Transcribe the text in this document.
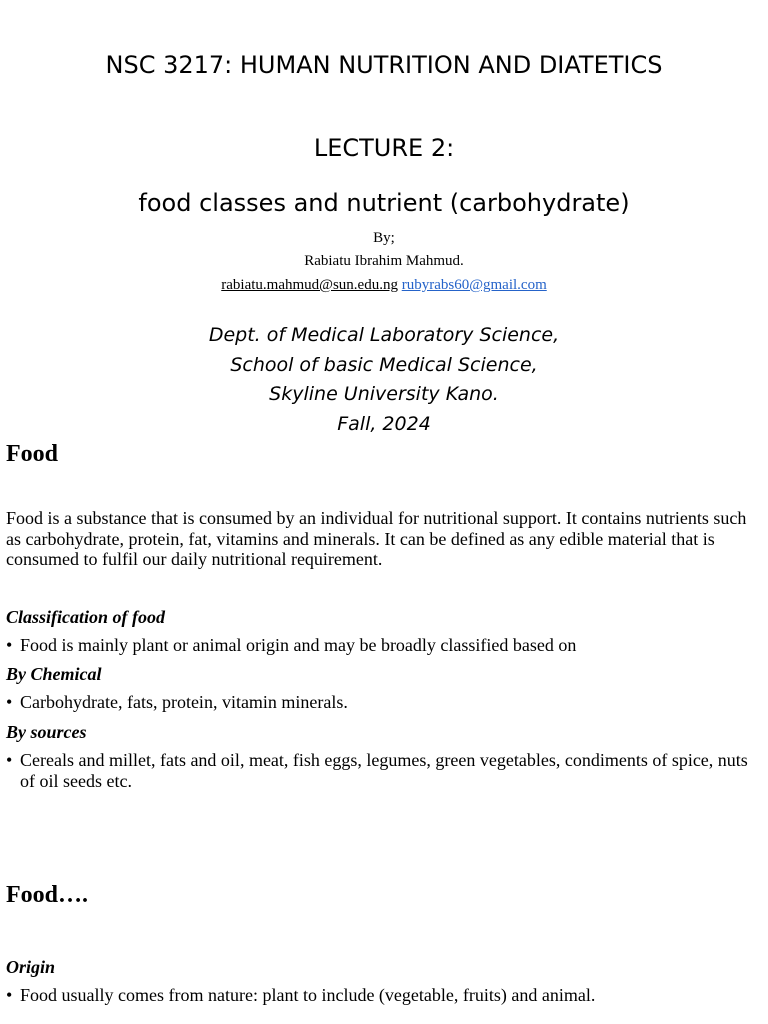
NSC 3217: HUMAN NUTRITION AND DIATETICS
LECTURE 2:
food classes and nutrient (carbohydrate)
By;
Rabiatu Ibrahim Mahmud.
rabiatu.mahmud@sun.edu.ng rubyrabs60@gmail.com
Dept. of Medical Laboratory Science,
School of basic Medical Science,
Skyline University Kano.
Fall, 2024
Food

Food is a substance that is consumed by an individual for nutritional support. It contains nutrients such as carbohydrate, protein, fat, vitamins and minerals. It can be defined as any edible material that is consumed to fulfil our daily nutritional requirement.

Classification of food
• Food is mainly plant or animal origin and may be broadly classified based on
By Chemical
• Carbohydrate, fats, protein, vitamin minerals.
By sources
• Cereals and millet, fats and oil, meat, fish eggs, legumes, green vegetables, condiments of spice, nuts of oil seeds etc.
Food….
Origin
• Food usually comes from nature: plant to include (vegetable, fruits) and animal.
